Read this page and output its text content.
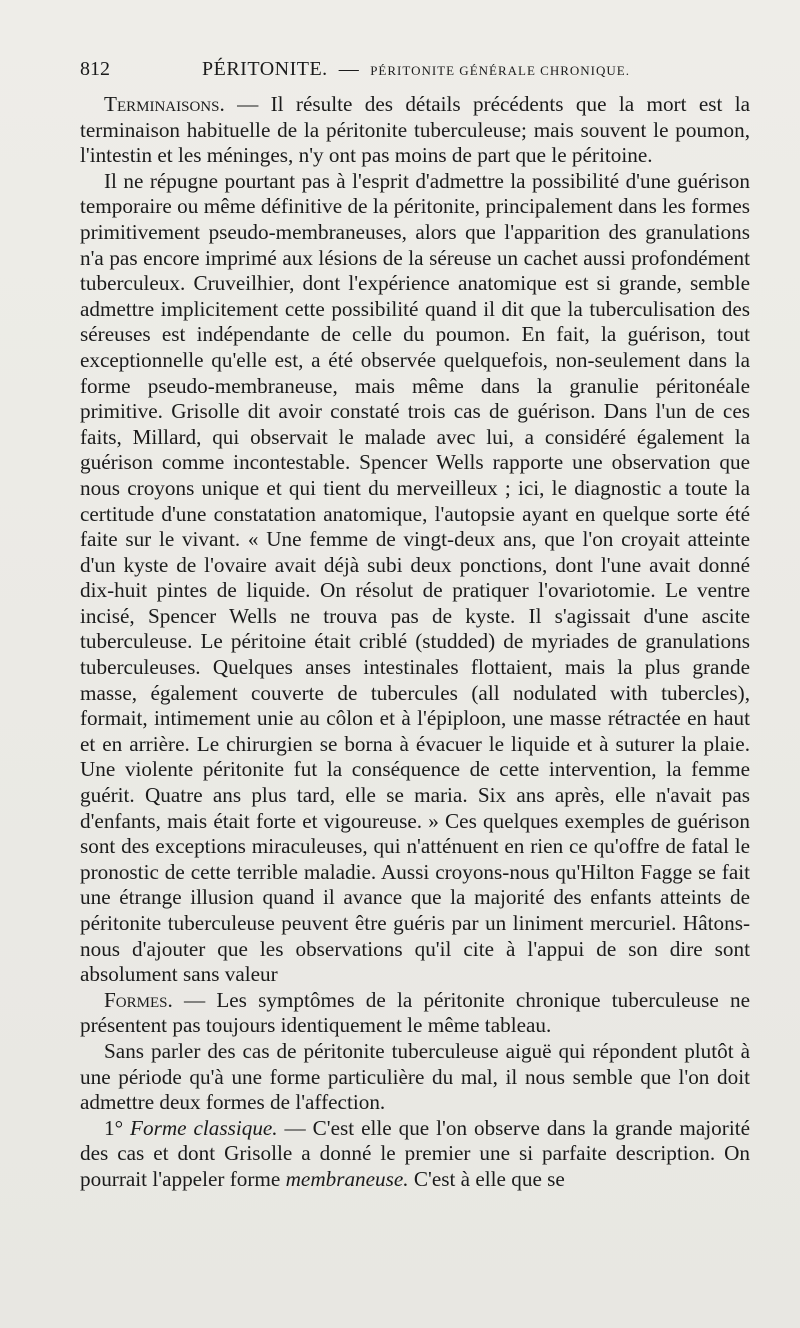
812	PÉRITONITE. — PÉRITONITE GÉNÉRALE CHRONIQUE.

Terminaisons. — Il résulte des détails précédents que la mort est la terminaison habituelle de la péritonite tuberculeuse; mais souvent le poumon, l'intestin et les méninges, n'y ont pas moins de part que le péritoine.

Il ne répugne pourtant pas à l'esprit d'admettre la possibilité d'une guérison temporaire ou même définitive de la péritonite, principalement dans les formes primitivement pseudo-membraneuses, alors que l'apparition des granulations n'a pas encore imprimé aux lésions de la séreuse un cachet aussi profondément tuberculeux. Cruveilhier, dont l'expérience anatomique est si grande, semble admettre implicitement cette possibilité quand il dit que la tuberculisation des séreuses est indépendante de celle du poumon. En fait, la guérison, tout exceptionnelle qu'elle est, a été observée quelquefois, non-seulement dans la forme pseudo-membraneuse, mais même dans la granulie péritonéale primitive. Grisolle dit avoir constaté trois cas de guérison. Dans l'un de ces faits, Millard, qui observait le malade avec lui, a considéré également la guérison comme incontestable. Spencer Wells rapporte une observation que nous croyons unique et qui tient du merveilleux ; ici, le diagnostic a toute la certitude d'une constatation anatomique, l'autopsie ayant en quelque sorte été faite sur le vivant. « Une femme de vingt-deux ans, que l'on croyait atteinte d'un kyste de l'ovaire avait déjà subi deux ponctions, dont l'une avait donné dix-huit pintes de liquide. On résolut de pratiquer l'ovariotomie. Le ventre incisé, Spencer Wells ne trouva pas de kyste. Il s'agissait d'une ascite tuberculeuse. Le péritoine était criblé (studded) de myriades de granulations tuberculeuses. Quelques anses intestinales flottaient, mais la plus grande masse, également couverte de tubercules (all nodulated with tubercles), formait, intimement unie au côlon et à l'épiploon, une masse rétractée en haut et en arrière. Le chirurgien se borna à évacuer le liquide et à suturer la plaie. Une violente péritonite fut la conséquence de cette intervention, la femme guérit. Quatre ans plus tard, elle se maria. Six ans après, elle n'avait pas d'enfants, mais était forte et vigoureuse. » Ces quelques exemples de guérison sont des exceptions miraculeuses, qui n'atténuent en rien ce qu'offre de fatal le pronostic de cette terrible maladie. Aussi croyons-nous qu'Hilton Fagge se fait une étrange illusion quand il avance que la majorité des enfants atteints de péritonite tuberculeuse peuvent être guéris par un liniment mercuriel. Hâtons-nous d'ajouter que les observations qu'il cite à l'appui de son dire sont absolument sans valeur

Formes. — Les symptômes de la péritonite chronique tuberculeuse ne présentent pas toujours identiquement le même tableau.

Sans parler des cas de péritonite tuberculeuse aiguë qui répondent plutôt à une période qu'à une forme particulière du mal, il nous semble que l'on doit admettre deux formes de l'affection.

1° Forme classique. — C'est elle que l'on observe dans la grande majorité des cas et dont Grisolle a donné le premier une si parfaite description. On pourrait l'appeler forme membraneuse. C'est à elle que se
